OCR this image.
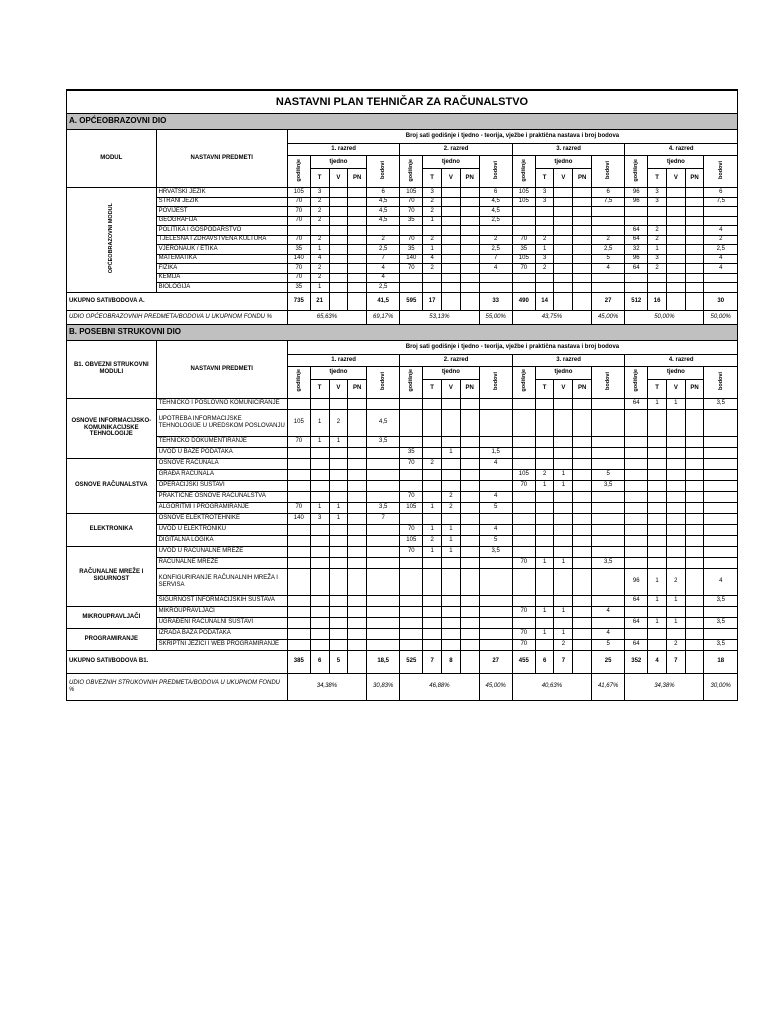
NASTAVNI PLAN TEHNIČAR ZA RAČUNALSTVO																					
A. OPĆEOBRAZOVNI DIO																					
MODUL	NASTAVNI PREDMETI	Broj sati godišnje i tjedno - teorija, vježbe i praktična nastava i broj bodova																			
		1. razred					2. razred					3. razred					4. razred				
		godišnje	tjedno			bodovi	godišnje	tjedno			bodovi	godišnje	tjedno			bodovi	godišnje	tjedno			bodovi
			T	V	PN			T	V	PN			T	V	PN			T	V	PN	
OPĆEOBRAZOVNI MODUL	HRVATSKI JEZIK	105	3			6	105	3			6	105	3			6	96	3			6
	STRANI JEZIK	70	2			4,5	70	2			4,5	105	3			7,5	96	3			7,5
	POVIJEST	70	2			4,5	70	2			4,5										
	GEOGRAFIJA	70	2			4,5	35	1			2,5										
	POLITIKA I GOSPODARSTVO																64	2			4
	TJELESNA I ZDRAVSTVENA KULTURA	70	2			2	70	2			2	70	2			2	64	2			2
	VJERONAUK / ETIKA	35	1			2,5	35	1			2,5	35	1			2,5	32	1			2,5
	MATEMATIKA	140	4			7	140	4			7	105	3			5	96	3			4
	FIZIKA	70	2			4	70	2			4	70	2			4	64	2			4
	KEMIJA	70	2			4															
	BIOLOGIJA	35	1			2,5															
UKUPNO SATI/BODOVA A.		735	21			41,5	595	17			33	490	14			27	512	16			30
UDIO OPĆEOBRAZOVNIH PREDMETA/BODOVA U UKUPNOM FONDU %		65,63%				69,17%	53,13%				55,00%	43,75%				45,00%	50,00%				50,00%
B. POSEBNI STRUKOVNI DIO																					
B1. OBVEZNI STRUKOVNI MODULI	NASTAVNI PREDMETI	Broj sati godišnje i tjedno - teorija, vježbe i praktična nastava i broj bodova																			
		1. razred					2. razred					3. razred					4. razred				
		godišnje	tjedno			bodovi	godišnje	tjedno			bodovi	godišnje	tjedno			bodovi	godišnje	tjedno			bodovi
			T	V	PN			T	V	PN			T	V	PN			T	V	PN	
OSNOVE INFORMACIJSKO-KOMUNIKACIJSKE TEHNOLOGIJE	TEHNIČKO I POSLOVNO KOMUNICIRANJE																64	1	1		3,5
	UPOTREBA INFORMACIJSKE TEHNOLOGIJE U UREDSKOM POSLOVANJU	105	1	2		4,5															
	TEHNIČKO DOKUMENTIRANJE	70	1	1		3,5															
	UVOD U BAZE PODATAKA						35		1		1,5										
OSNOVE RAČUNALSTVA	OSNOVE RAČUNALA						70	2			4										
	GRAĐA RAČUNALA											105	2	1		5					
	OPERACIJSKI SUSTAVI											70	1	1		3,5					
	PRAKTIČNE OSNOVE RAČUNALSTVA						70		2		4										
	ALGORITMI I PROGRAMIRANJE	70	1	1		3,5	105	1	2		5										
ELEKTRONIKA	OSNOVE ELEKTROTEHNIKE	140	3	1		7															
	UVOD U ELEKTRONIKU						70	1	1		4										
	DIGITALNA LOGIKA						105	2	1		5										
RAČUNALNE MREŽE I SIGURNOST	UVOD U RAČUNALNE MREŽE						70	1	1		3,5										
	RAČUNALNE MREŽE											70	1	1		3,5					
	KONFIGURIRANJE RAČUNALNIH MREŽA I SERVISA																96	1	2		4
	SIGURNOST INFORMACIJSKIH SUSTAVA																64	1	1		3,5
MIKROUPRAVLJAČI	MIKROUPRAVLJAČI											70	1	1		4					
	UGRAĐENI RAČUNALNI SUSTAVI																64	1	1		3,5
PROGRAMIRANJE	IZRADA BAZA PODATAKA											70	1	1		4					
	SKRIPTNI JEZICI I WEB PROGRAMIRANJE											70		2		5	64		2		3,5
UKUPNO SATI/BODOVA B1.		385	6	5		18,5	525	7	8		27	455	6	7		25	352	4	7		18
UDIO OBVEZNIH STRUKOVNIH PREDMETA/BODOVA U UKUPNOM FONDU %		34,38%				30,83%	46,88%				45,00%	40,63%				41,67%	34,38%				30,00%
